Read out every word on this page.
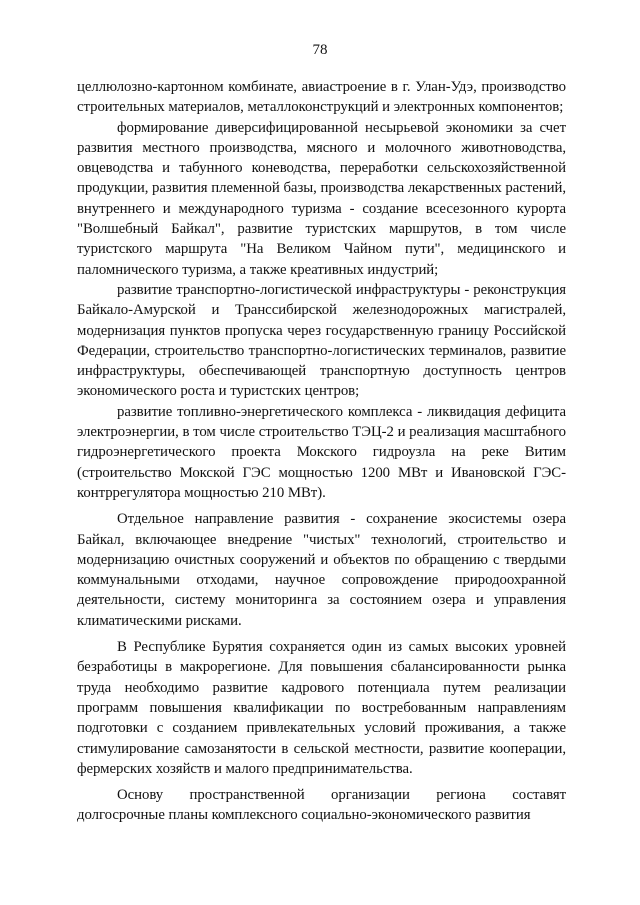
78

целлюлозно-картонном комбинате, авиастроение в г. Улан-Удэ, производство строительных материалов, металлоконструкций и электронных компонентов;

формирование диверсифицированной несырьевой экономики за счет развития местного производства, мясного и молочного животноводства, овцеводства и табунного коневодства, переработки сельскохозяйственной продукции, развития племенной базы, производства лекарственных растений, внутреннего и международного туризма - создание всесезонного курорта "Волшебный Байкал", развитие туристских маршрутов, в том числе туристского маршрута "На Великом Чайном пути", медицинского и паломнического туризма, а также креативных индустрий;

развитие транспортно-логистической инфраструктуры - реконструкция Байкало-Амурской и Транссибирской железнодорожных магистралей, модернизация пунктов пропуска через государственную границу Российской Федерации, строительство транспортно-логистических терминалов, развитие инфраструктуры, обеспечивающей транспортную доступность центров экономического роста и туристских центров;

развитие топливно-энергетического комплекса - ликвидация дефицита электроэнергии, в том числе строительство ТЭЦ-2 и реализация масштабного гидроэнергетического проекта Мокского гидроузла на реке Витим (строительство Мокской ГЭС мощностью 1200 МВт и Ивановской ГЭС-контррегулятора мощностью 210 МВт).

Отдельное направление развития - сохранение экосистемы озера Байкал, включающее внедрение "чистых" технологий, строительство и модернизацию очистных сооружений и объектов по обращению с твердыми коммунальными отходами, научное сопровождение природоохранной деятельности, систему мониторинга за состоянием озера и управления климатическими рисками.

В Республике Бурятия сохраняется один из самых высоких уровней безработицы в макрорегионе. Для повышения сбалансированности рынка труда необходимо развитие кадрового потенциала путем реализации программ повышения квалификации по востребованным направлениям подготовки с созданием привлекательных условий проживания, а также стимулирование самозанятости в сельской местности, развитие кооперации, фермерских хозяйств и малого предпринимательства.

Основу пространственной организации региона составят долгосрочные планы комплексного социально-экономического развития
